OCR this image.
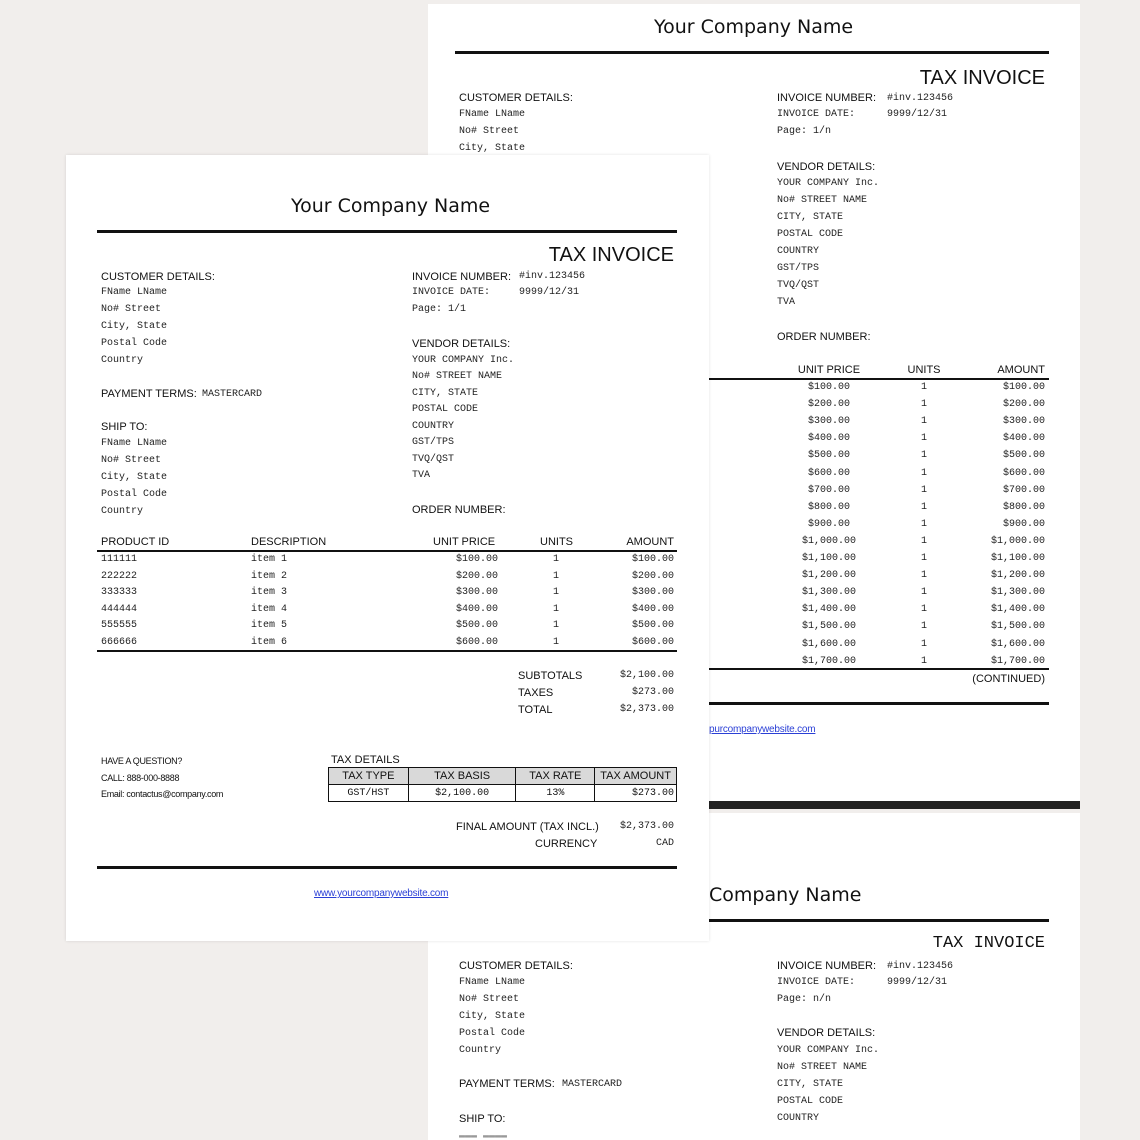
Your Company Name
TAX INVOICE
CUSTOMER DETAILS:
FName LName
No# Street
City, State
INVOICE NUMBER: #inv.123456
INVOICE DATE:	9999/12/31
Page: 1/n
VENDOR DETAILS:
YOUR COMPANY Inc.
No# STREET NAME
CITY, STATE
POSTAL CODE
COUNTRY
GST/TPS
TVQ/QST
TVA
ORDER NUMBER:
UNIT PRICE	UNITS	AMOUNT
$100.00	1	$100.00
$200.00	1	$200.00
$300.00	1	$300.00
$400.00	1	$400.00
$500.00	1	$500.00
$600.00	1	$600.00
$700.00	1	$700.00
$800.00	1	$800.00
$900.00	1	$900.00
$1,000.00	1	$1,000.00
$1,100.00	1	$1,100.00
$1,200.00	1	$1,200.00
$1,300.00	1	$1,300.00
$1,400.00	1	$1,400.00
$1,500.00	1	$1,500.00
$1,600.00	1	$1,600.00
$1,700.00	1	$1,700.00
(CONTINUED)
purcompanywebsite.com
Company Name
TAX INVOICE
CUSTOMER DETAILS:
FName LName
No# Street
City, State
Postal Code
Country
PAYMENT TERMS: MASTERCARD
SHIP TO:
▬▬▬ ▬▬▬▬
INVOICE NUMBER: #inv.123456
INVOICE DATE:	9999/12/31
Page: n/n
VENDOR DETAILS:
YOUR COMPANY Inc.
No# STREET NAME
CITY, STATE
POSTAL CODE
COUNTRY
Your Company Name
TAX INVOICE
CUSTOMER DETAILS:
FName LName
No# Street
City, State
Postal Code
Country
PAYMENT TERMS: MASTERCARD
SHIP TO:
FName LName
No# Street
City, State
Postal Code
Country
INVOICE NUMBER: #inv.123456
INVOICE DATE:	9999/12/31
Page: 1/1
VENDOR DETAILS:
YOUR COMPANY Inc.
No# STREET NAME
CITY, STATE
POSTAL CODE
COUNTRY
GST/TPS
TVQ/QST
TVA
ORDER NUMBER:
PRODUCT ID	DESCRIPTION	UNIT PRICE	UNITS	AMOUNT
111111	item 1	$100.00	1	$100.00
222222	item 2	$200.00	1	$200.00
333333	item 3	$300.00	1	$300.00
444444	item 4	$400.00	1	$400.00
555555	item 5	$500.00	1	$500.00
666666	item 6	$600.00	1	$600.00
SUBTOTALS	$2,100.00
TAXES	$273.00
TOTAL	$2,373.00
HAVE A QUESTION?
CALL: 888-000-8888
Email: contactus@company.com
TAX DETAILS
TAX TYPE	TAX BASIS	TAX RATE	TAX AMOUNT
GST/HST	$2,100.00	13%	$273.00
FINAL AMOUNT (TAX INCL.)	$2,373.00
CURRENCY	CAD
www.yourcompanywebsite.com
